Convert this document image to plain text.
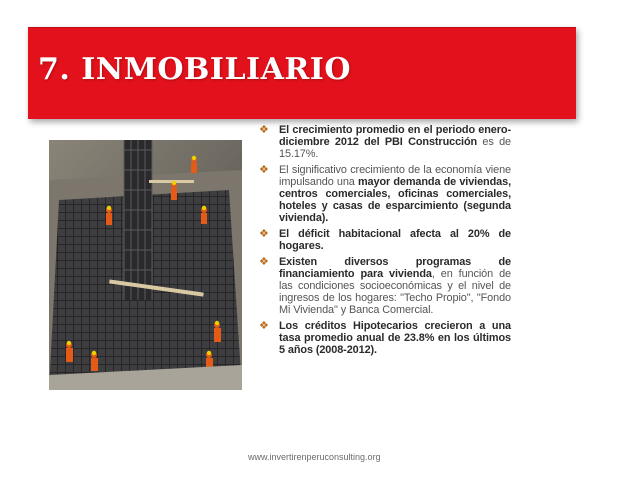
7. INMOBILIARIO
❖ El crecimiento promedio en el periodo enero-diciembre 2012 del PBI Construcción es de 15.17%.
❖ El significativo crecimiento de la economía viene impulsando una mayor demanda de viviendas, centros comerciales, oficinas comerciales, hoteles y casas de esparcimiento (segunda vivienda).
❖ El déficit habitacional afecta al 20% de hogares.
❖ Existen diversos programas de financiamiento para vivienda, en función de las condiciones socioeconómicas y el nivel de ingresos de los hogares: "Techo Propio", "Fondo Mi Vivienda" y Banca Comercial.
❖ Los créditos Hipotecarios crecieron a una tasa promedio anual de 23.8% en los últimos 5 años (2008-2012).
www.invertirenperuconsulting.org
